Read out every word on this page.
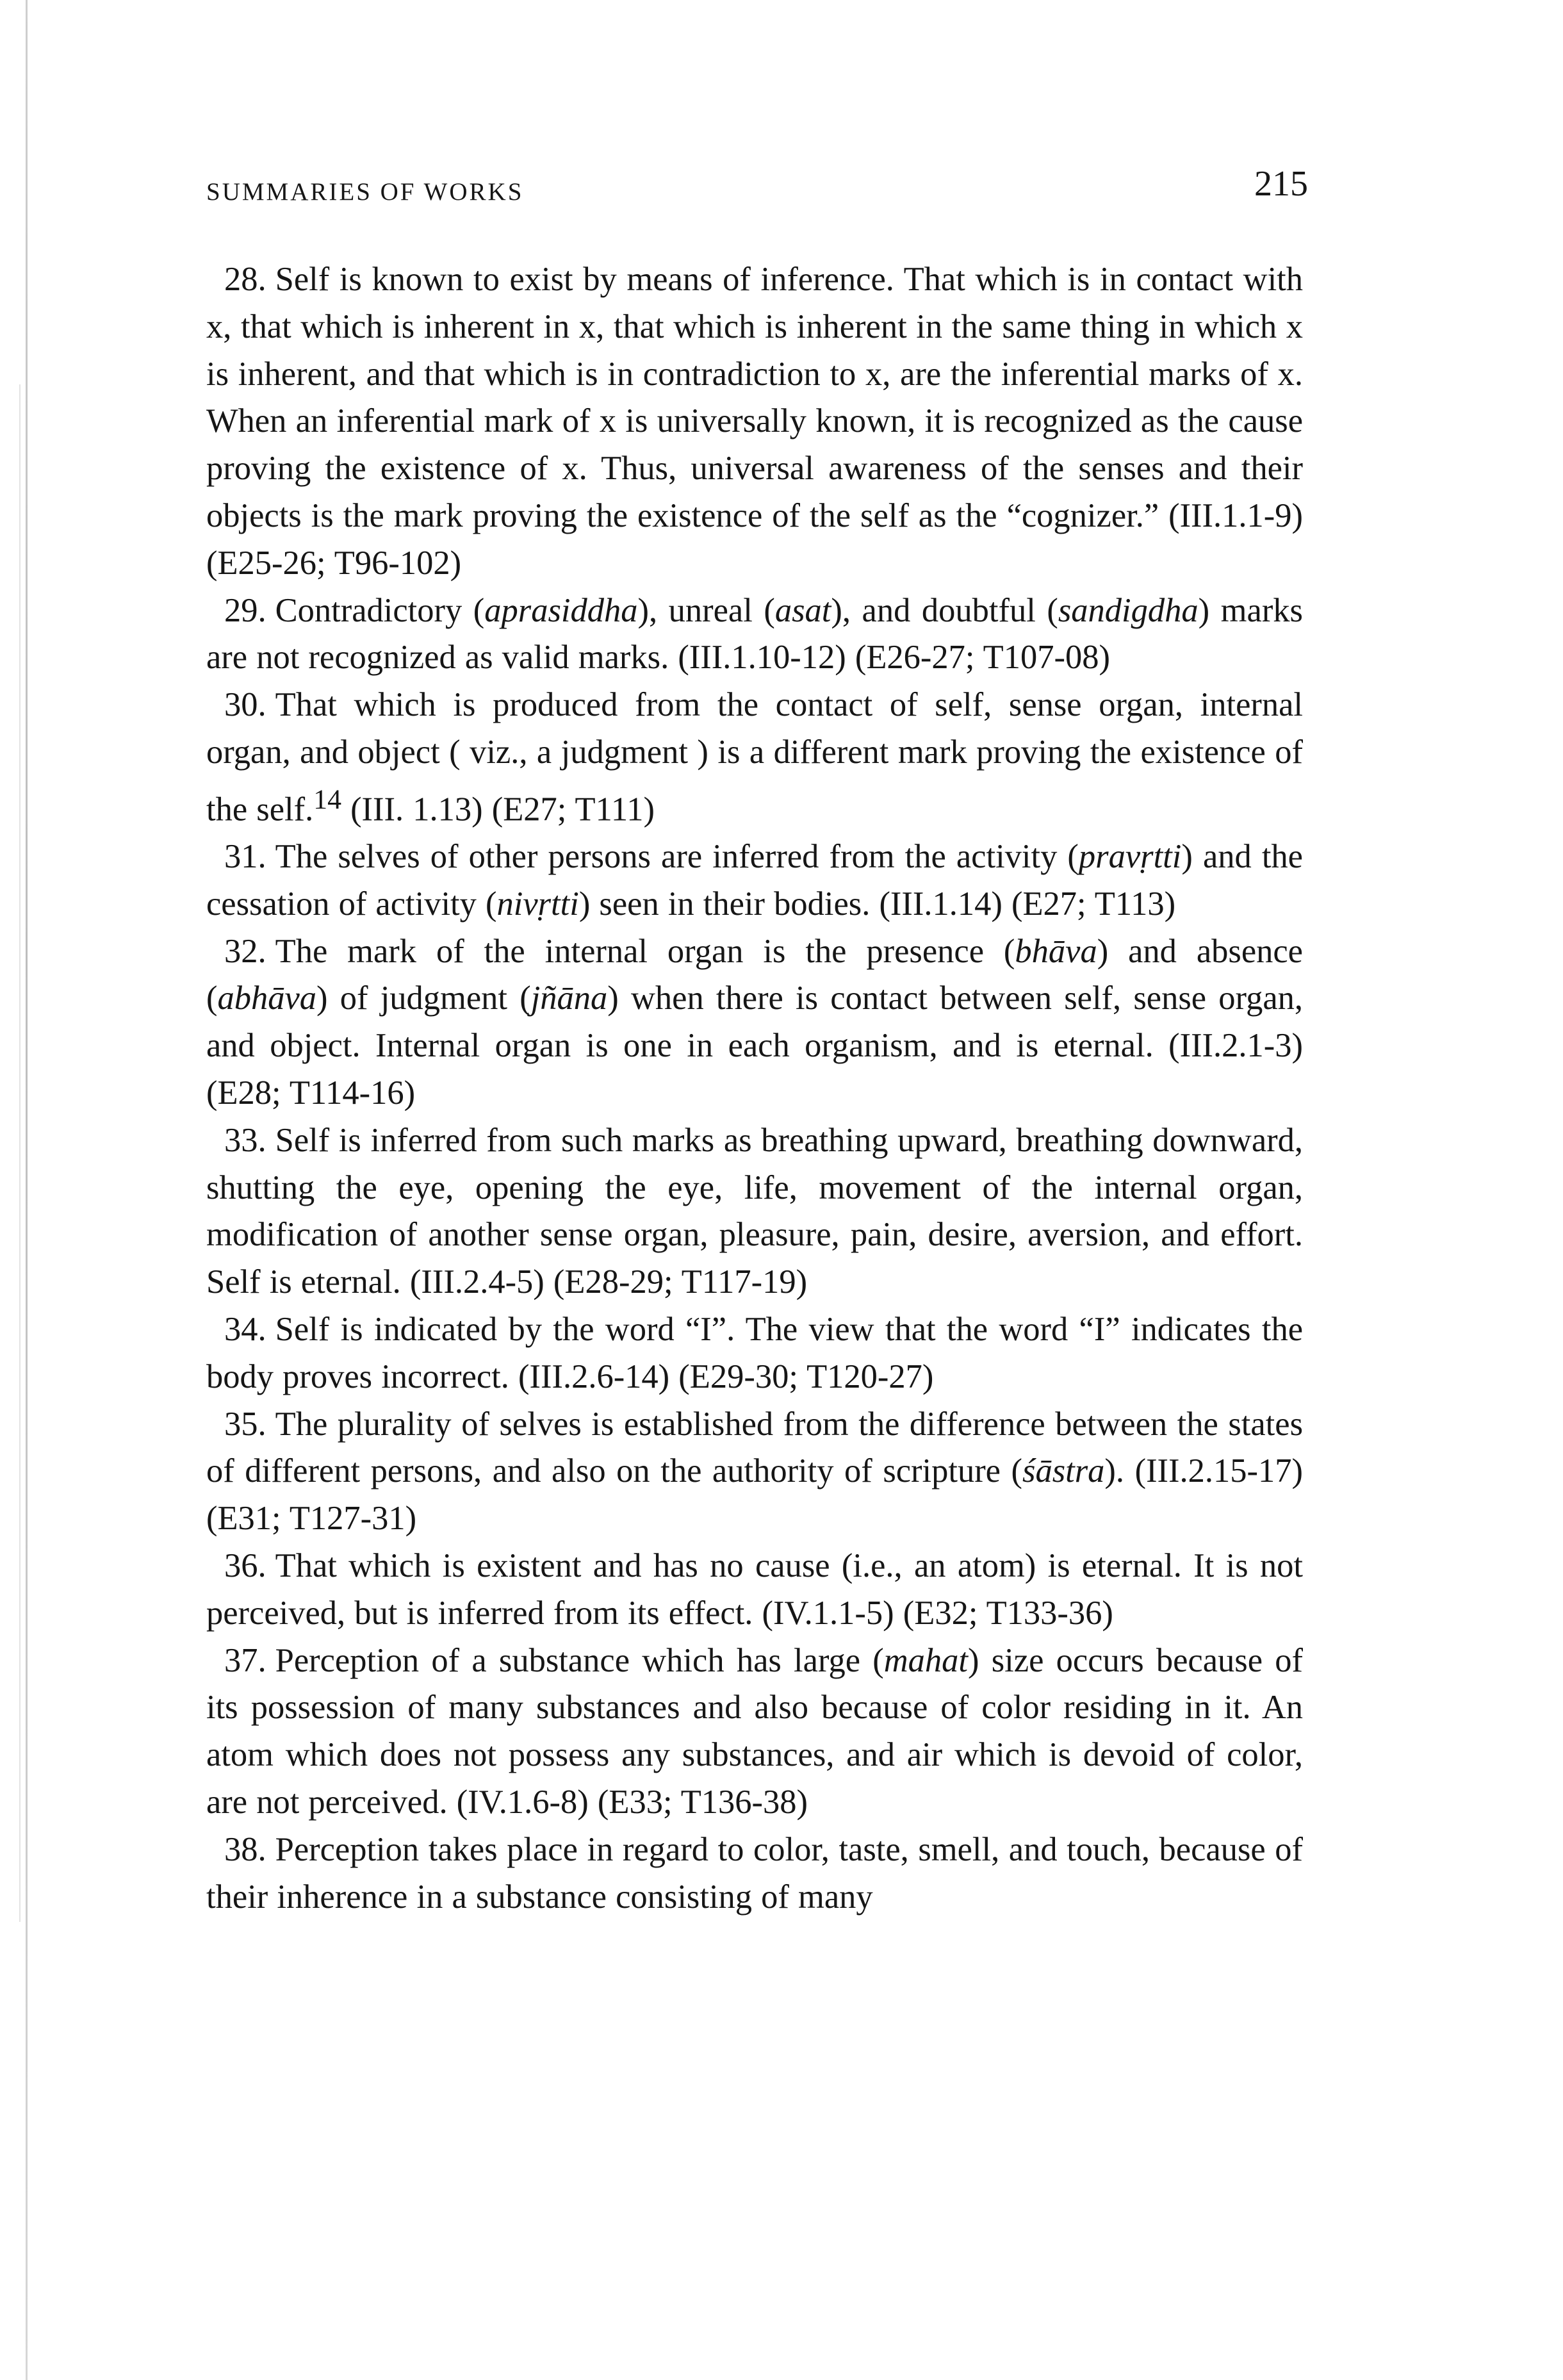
SUMMARIES OF WORKS	215

28. Self is known to exist by means of inference. That which is in contact with x, that which is inherent in x, that which is inherent in the same thing in which x is inherent, and that which is in contradiction to x, are the inferential marks of x. When an inferential mark of x is universally known, it is recognized as the cause proving the existence of x. Thus, universal awareness of the senses and their objects is the mark proving the existence of the self as the “cognizer.” (III.1.1-9) (E25-26; T96-102)

29. Contradictory (aprasiddha), unreal (asat), and doubtful (sandigdha) marks are not recognized as valid marks. (III.1.10-12) (E26-27; T107-08)

30. That which is produced from the contact of self, sense organ, internal organ, and object ( viz., a judgment ) is a different mark proving the existence of the self.$^{14}$ (III. 1.13) (E27; T111)

31. The selves of other persons are inferred from the activity (pravṛtti) and the cessation of activity (nivṛtti) seen in their bodies. (III.1.14) (E27; T113)

32. The mark of the internal organ is the presence (bhāva) and absence (abhāva) of judgment (jñāna) when there is contact between self, sense organ, and object. Internal organ is one in each organism, and is eternal. (III.2.1-3) (E28; T114-16)

33. Self is inferred from such marks as breathing upward, breathing downward, shutting the eye, opening the eye, life, movement of the internal organ, modification of another sense organ, pleasure, pain, desire, aversion, and effort. Self is eternal. (III.2.4-5) (E28-29; T117-19)

34. Self is indicated by the word “I”. The view that the word “I” indicates the body proves incorrect. (III.2.6-14) (E29-30; T120-27)

35. The plurality of selves is established from the difference between the states of different persons, and also on the authority of scripture (śāstra). (III.2.15-17) (E31; T127-31)

36. That which is existent and has no cause (i.e., an atom) is eternal. It is not perceived, but is inferred from its effect. (IV.1.1-5) (E32; T133-36)

37. Perception of a substance which has large (mahat) size occurs because of its possession of many substances and also because of color residing in it. An atom which does not possess any substances, and air which is devoid of color, are not perceived. (IV.1.6-8) (E33; T136-38)

38. Perception takes place in regard to color, taste, smell, and touch, because of their inherence in a substance consisting of many
